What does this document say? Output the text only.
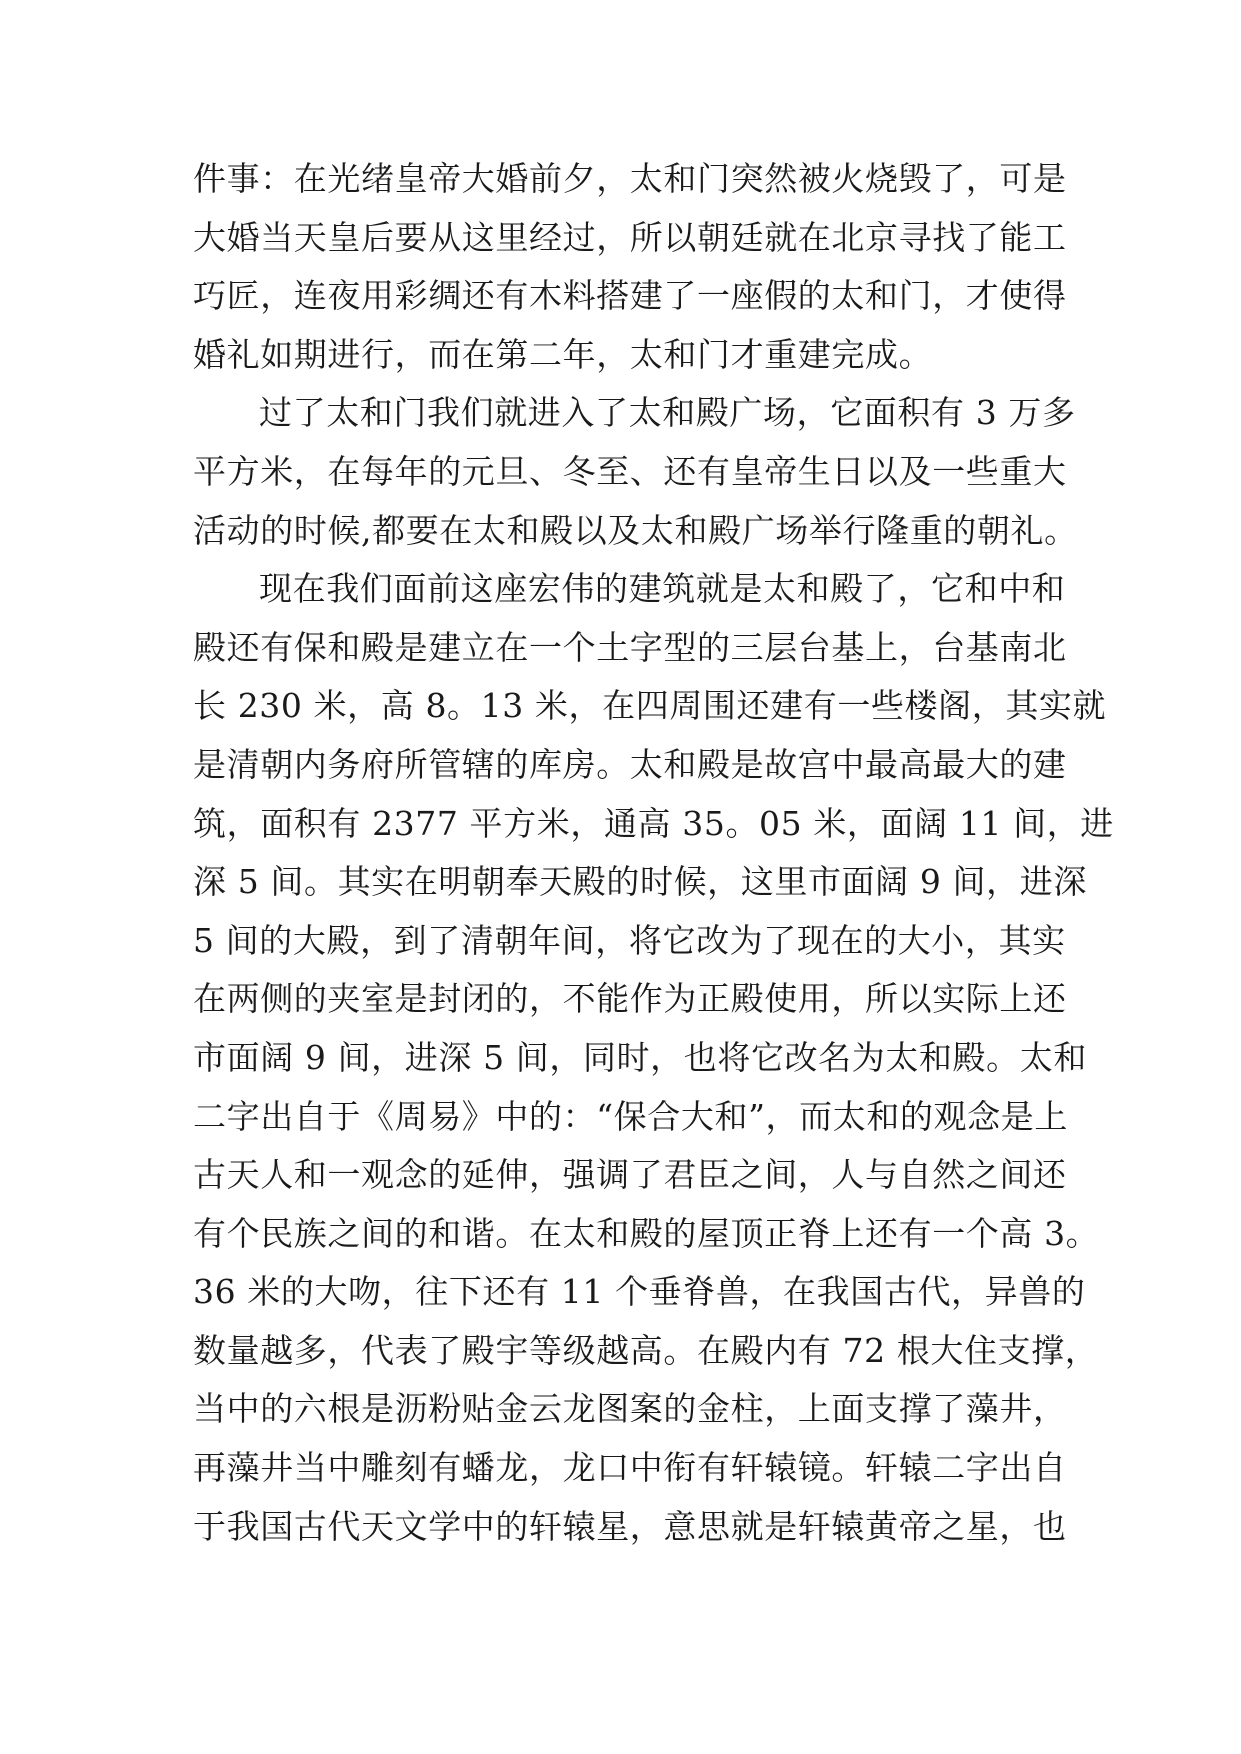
件事：在光绪皇帝大婚前夕，太和门突然被火烧毁了，可是
大婚当天皇后要从这里经过，所以朝廷就在北京寻找了能工
巧匠，连夜用彩绸还有木料搭建了一座假的太和门，才使得
婚礼如期进行，而在第二年，太和门才重建完成。
过了太和门我们就进入了太和殿广场，它面积有 3 万多
平方米，在每年的元旦、冬至、还有皇帝生日以及一些重大
活动的时候,都要在太和殿以及太和殿广场举行隆重的朝礼。
现在我们面前这座宏伟的建筑就是太和殿了，它和中和
殿还有保和殿是建立在一个土字型的三层台基上，台基南北
长 230 米，高 8。13 米，在四周围还建有一些楼阁，其实就
是清朝内务府所管辖的库房。太和殿是故宫中最高最大的建
筑，面积有 2377 平方米，通高 35。05 米，面阔 11 间，进
深 5 间。其实在明朝奉天殿的时候，这里市面阔 9 间，进深
5 间的大殿，到了清朝年间，将它改为了现在的大小，其实
在两侧的夹室是封闭的，不能作为正殿使用，所以实际上还
市面阔 9 间，进深 5 间，同时，也将它改名为太和殿。太和
二字出自于《周易》中的：“保合大和”，而太和的观念是上
古天人和一观念的延伸，强调了君臣之间，人与自然之间还
有个民族之间的和谐。在太和殿的屋顶正脊上还有一个高 3。
36 米的大吻，往下还有 11 个垂脊兽，在我国古代，异兽的
数量越多，代表了殿宇等级越高。在殿内有 72 根大住支撑，
当中的六根是沥粉贴金云龙图案的金柱，上面支撑了藻井，
再藻井当中雕刻有蟠龙，龙口中衔有轩辕镜。轩辕二字出自
于我国古代天文学中的轩辕星，意思就是轩辕黄帝之星，也
